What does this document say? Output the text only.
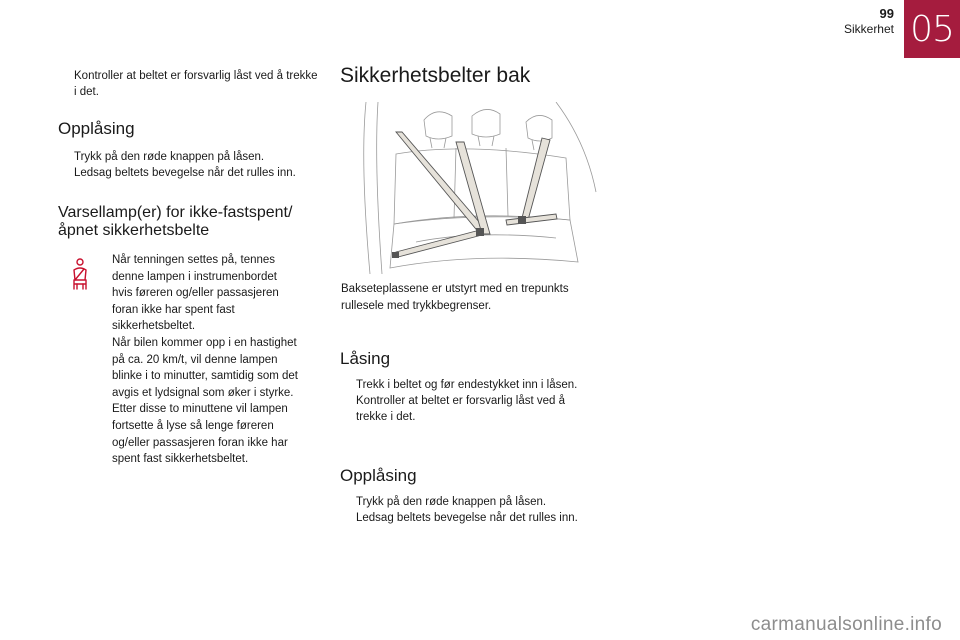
99
Sikkerhet 05
Kontroller at beltet er forsvarlig låst ved å trekke i det.
Opplåsing
Trykk på den røde knappen på låsen.
Ledsag beltets bevegelse når det rulles inn.
Varsellamp(er) for ikke-fastspent/
åpnet sikkerhetsbelte
Når tenningen settes på, tennes
denne lampen i instrumenbordet
hvis føreren og/eller passasjeren
foran ikke har spent fast
sikkerhetsbeltet.
Når bilen kommer opp i en hastighet
på ca. 20 km/t, vil denne lampen
blinke i to minutter, samtidig som det
avgis et lydsignal som øker i styrke.
Etter disse to minuttene vil lampen
fortsette å lyse så lenge føreren
og/eller passasjeren foran ikke har
spent fast sikkerhetsbeltet.
Sikkerhetsbelter bak
Bakseteplassene er utstyrt med en trepunkts
rullesele med trykkbegrenser.
Låsing
Trekk i beltet og før endestykket inn i låsen.
Kontroller at beltet er forsvarlig låst ved å trekke i det.
Opplåsing
Trykk på den røde knappen på låsen.
Ledsag beltets bevegelse når det rulles inn.
carmanualsonline.info
